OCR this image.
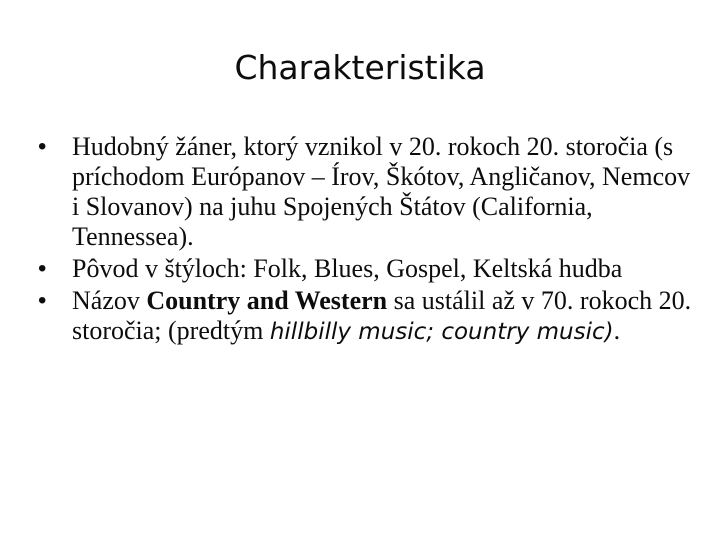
Charakteristika
• Hudobný žáner, ktorý vznikol v 20. rokoch 20. storočia (s príchodom Európanov – Írov, Škótov, Angličanov, Nemcov i Slovanov) na juhu Spojených Štátov (California, Tennessea).
• Pôvod v štýloch: Folk, Blues, Gospel, Keltská hudba
• Názov Country and Western sa ustálil až v 70. rokoch 20. storočia; (predtým hillbilly music; country music).
